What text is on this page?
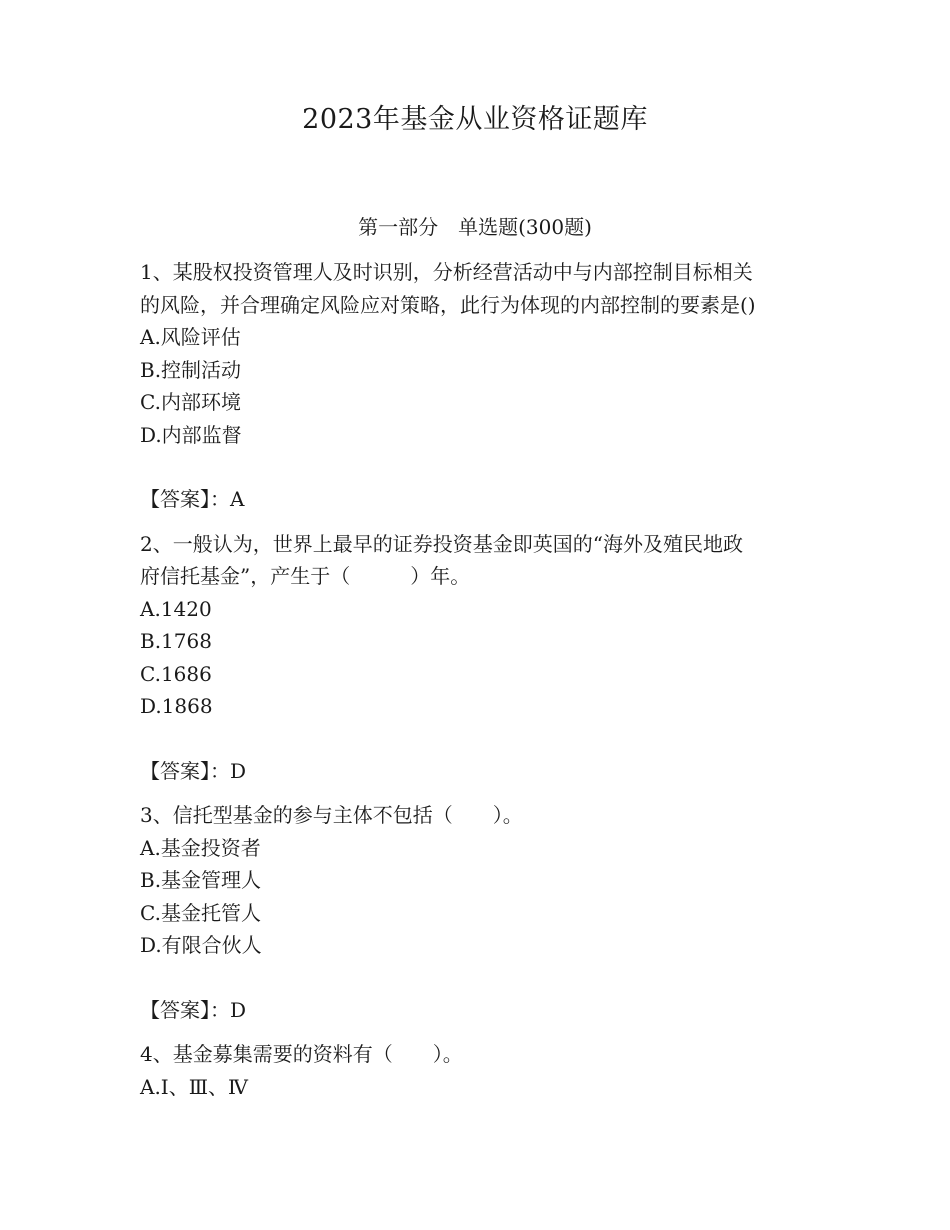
2023年基金从业资格证题库
第一部分　单选题(300题)

1、某股权投资管理人及时识别，分析经营活动中与内部控制目标相关

的风险，并合理确定风险应对策略，此行为体现的内部控制的要素是()

A.风险评估

B.控制活动

C.内部环境

D.内部监督

【答案】：A

2、一般认为，世界上最早的证券投资基金即英国的“海外及殖民地政

府信托基金”，产生于（　　　）年。

A.1420

B.1768

C.1686

D.1868

【答案】：D

3、信托型基金的参与主体不包括（　　）。

A.基金投资者

B.基金管理人

C.基金托管人

D.有限合伙人

【答案】：D

4、基金募集需要的资料有（　　）。

A.Ⅰ、Ⅲ、Ⅳ
